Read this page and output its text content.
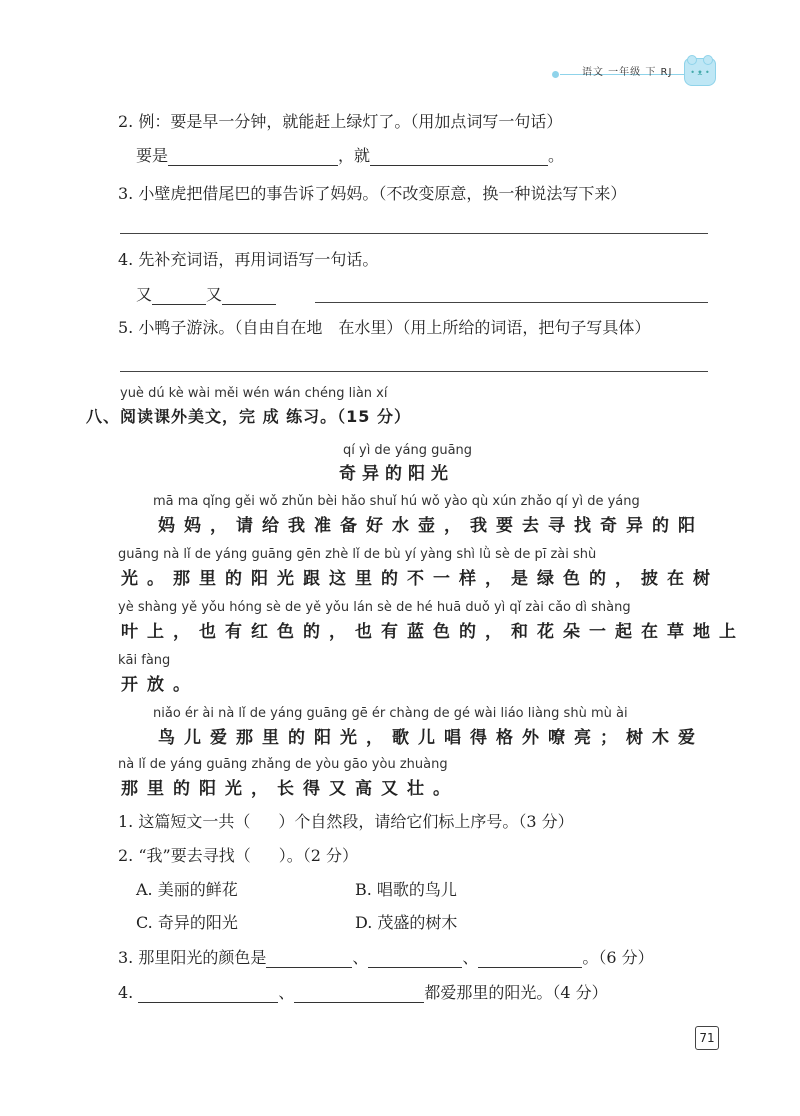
语文 一年级 下 RJ	• ᴥ •
2. 例：要是早一分钟，就能赶上绿灯了。（用加点词写一句话）
要是	，就	。
3. 小壁虎把借尾巴的事告诉了妈妈。（不改变原意，换一种说法写下来）
4. 先补充词语，再用词语写一句话。
又	又
5. 小鸭子游泳。（自由自在地　在水里）（用上所给的词语，把句子写具体）
yuè dú kè wài měi wén wán chéng liàn xí
八、阅读课外美文，完 成 练习。（15 分）
qí yì de yáng guāng
奇异的阳光
mā ma qǐng gěi wǒ zhǔn bèi hǎo shuǐ hú wǒ yào qù xún zhǎo qí yì de yáng
妈妈，请给我准备好水壶，我要去寻找奇异的阳
guāng nà lǐ de yáng guāng gēn zhè lǐ de bù yí yàng shì lǜ sè de pī zài shù
光。那里的阳光跟这里的不一样，是绿色的，披在树
yè shàng yě yǒu hóng sè de yě yǒu lán sè de hé huā duǒ yì qǐ zài cǎo dì shàng
叶上，也有红色的，也有蓝色的，和花朵一起在草地上
kāi fàng
开放。
niǎo ér ài nà lǐ de yáng guāng gē ér chàng de gé wài liáo liàng shù mù ài
鸟儿爱那里的阳光，歌儿唱得格外嘹亮；树木爱
nà lǐ de yáng guāng zhǎng de yòu gāo yòu zhuàng
那里的阳光，长得又高又壮。
1. 这篇短文一共（ ）个自然段，请给它们标上序号。（3 分）
2. “我”要去寻找（ ）。（2 分）
A. 美丽的鲜花	B. 唱歌的鸟儿
C. 奇异的阳光	D. 茂盛的树木
3. 那里阳光的颜色是	、	、	。（6 分）
4.	、	都爱那里的阳光。（4 分）
71
